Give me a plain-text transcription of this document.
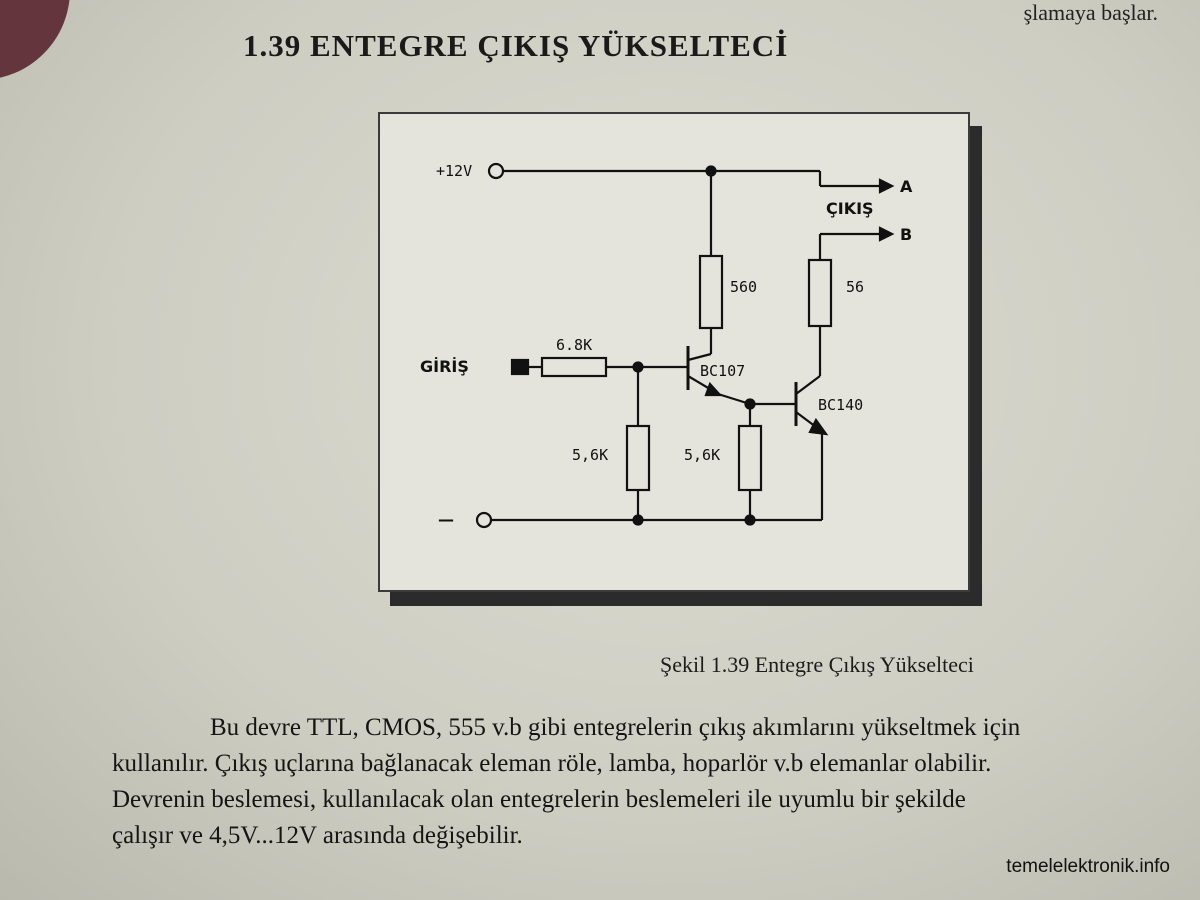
şlamaya başlar.
1.39 ENTEGRE ÇIKIŞ YÜKSELTECİ
+12V
GİRİŞ
—
A
B
ÇIKIŞ
560	56
6.8K
BC107
BC140
5,6K	5,6K
Şekil 1.39 Entegre Çıkış Yükselteci
Bu devre TTL, CMOS, 555 v.b gibi entegrelerin çıkış akımlarını yükseltmek için
kullanılır. Çıkış uçlarına bağlanacak eleman röle, lamba, hoparlör v.b elemanlar olabilir.
Devrenin beslemesi, kullanılacak olan entegrelerin beslemeleri ile uyumlu bir şekilde
çalışır ve 4,5V...12V arasında değişebilir.
temelelektronik.info
